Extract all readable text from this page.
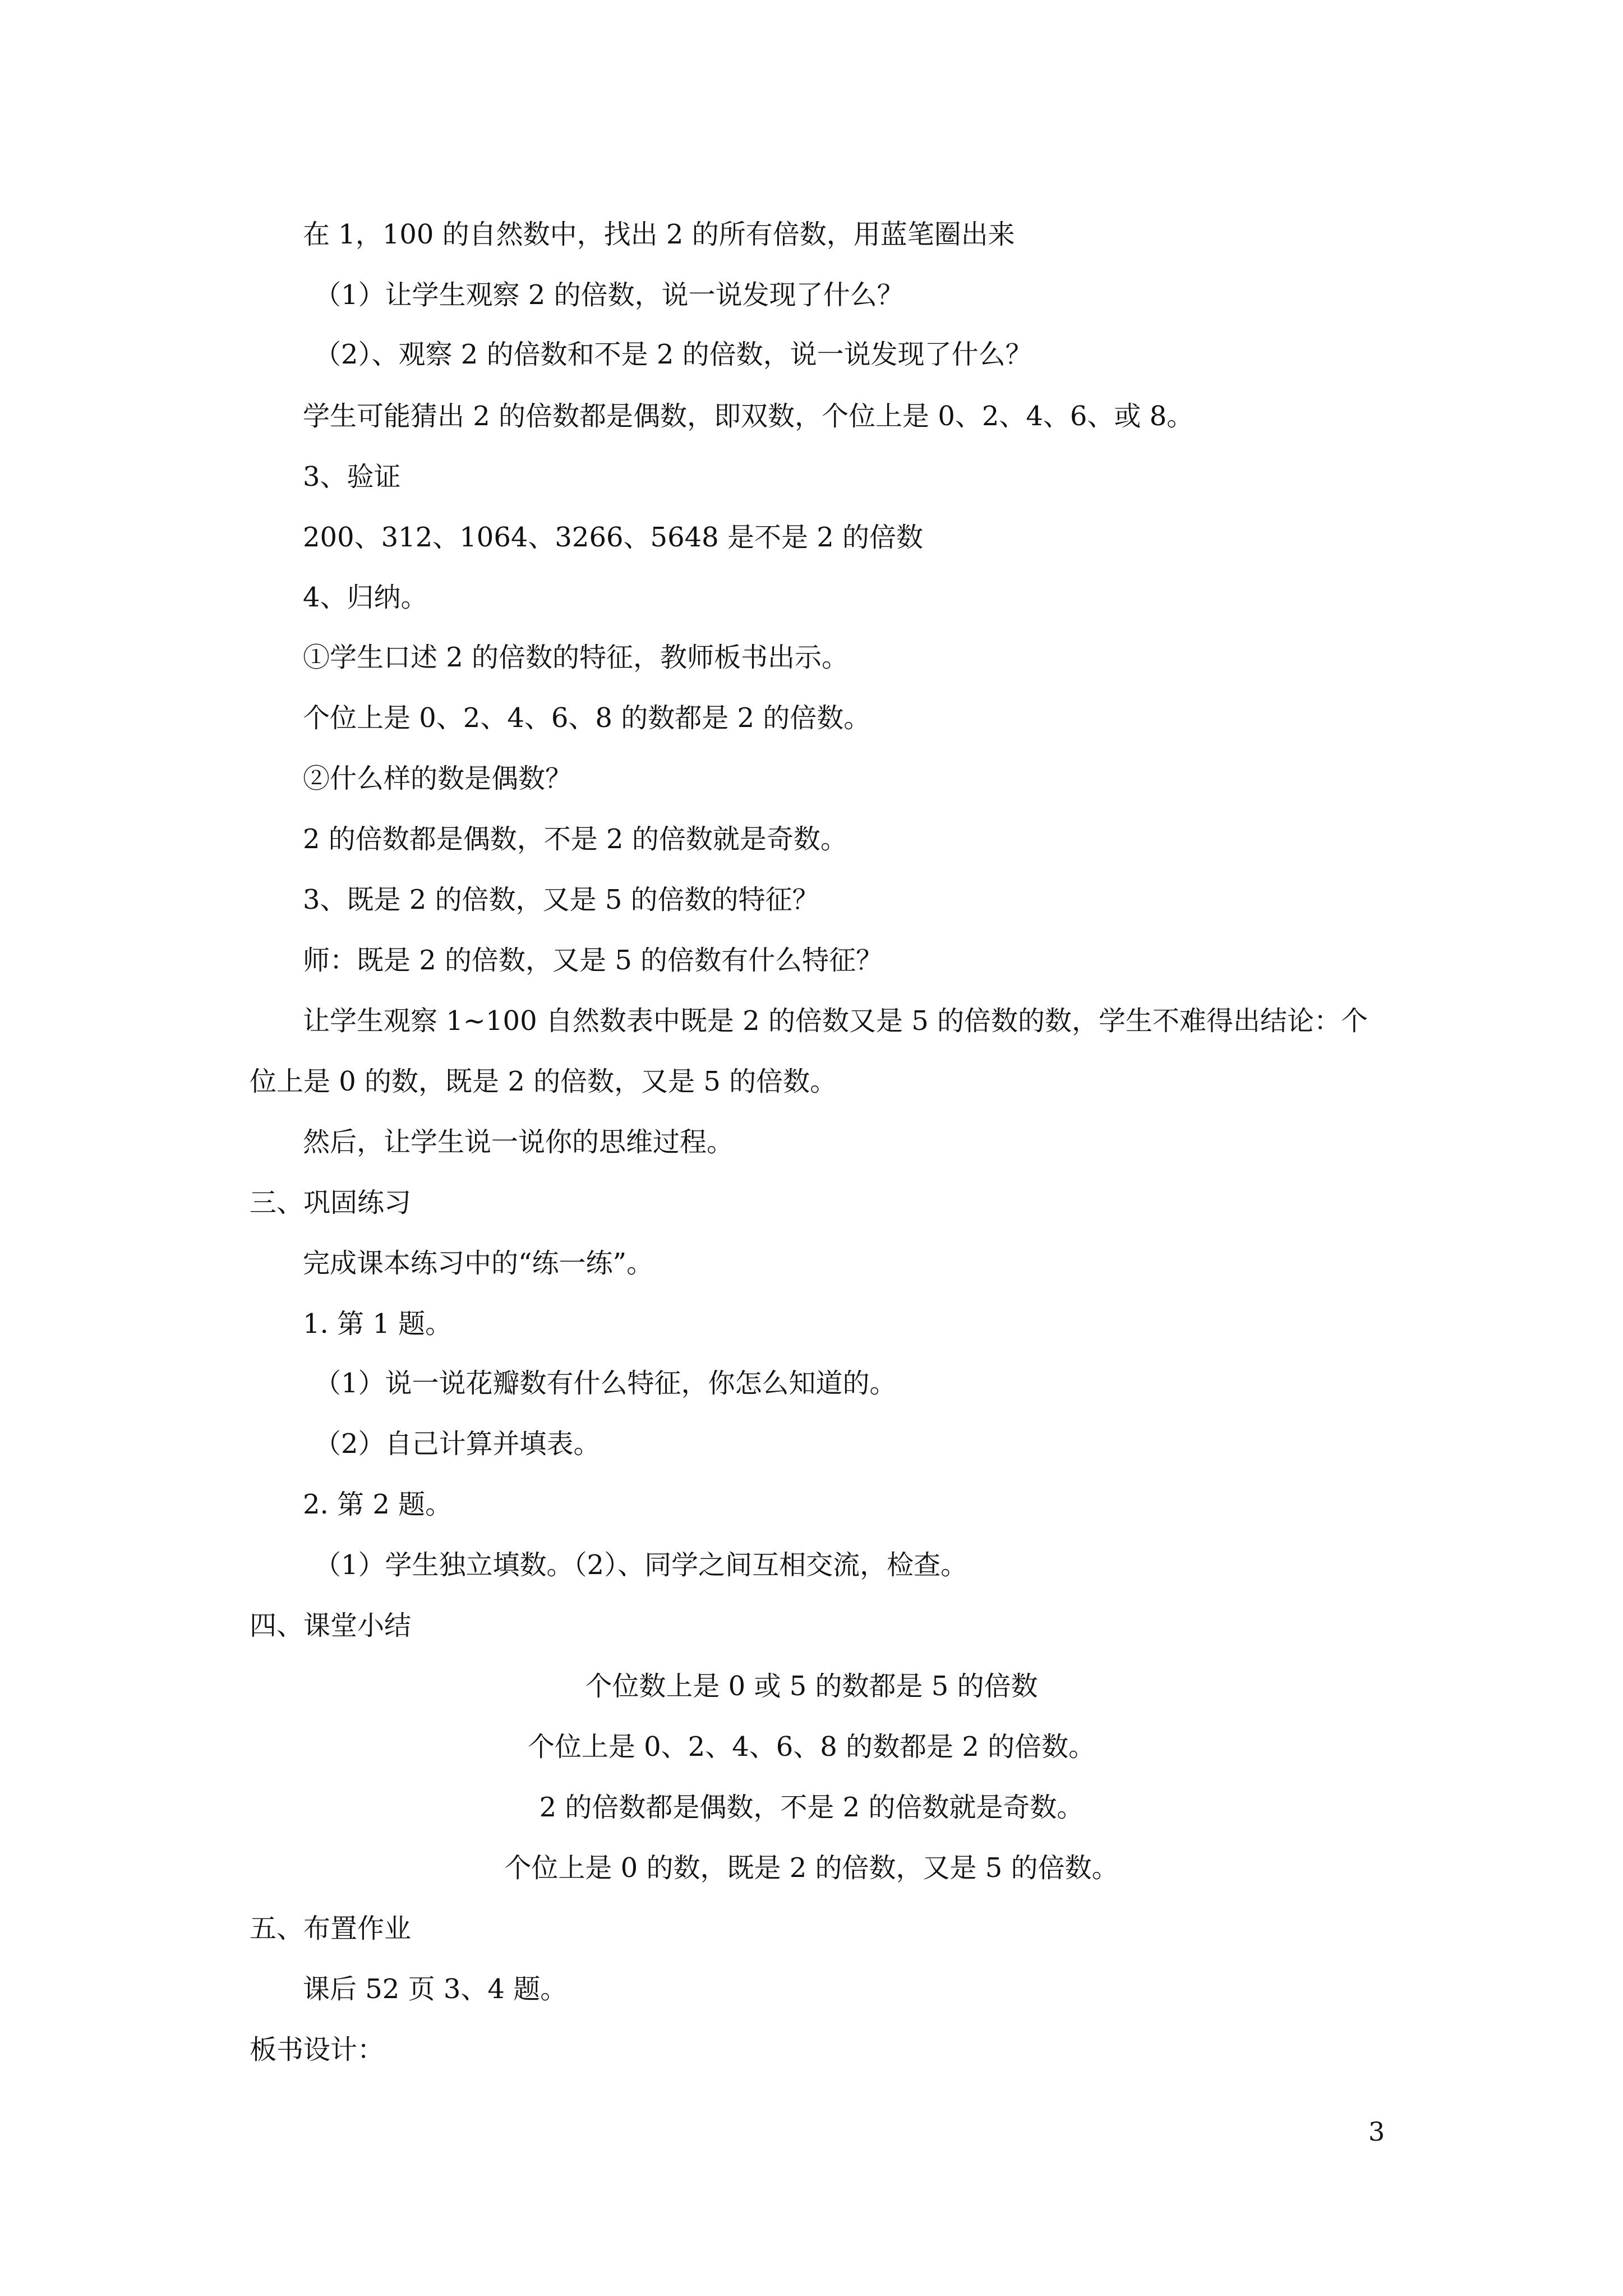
在 1，100 的自然数中，找出 2 的所有倍数，用蓝笔圈出来
（1）让学生观察 2 的倍数，说一说发现了什么？
（2）、观察 2 的倍数和不是 2 的倍数，说一说发现了什么？
学生可能猜出 2 的倍数都是偶数，即双数，个位上是 0、2、4、6、或 8。
3、验证
200、312、1064、3266、5648 是不是 2 的倍数
4、归纳。
①学生口述 2 的倍数的特征，教师板书出示。
个位上是 0、2、4、6、8 的数都是 2 的倍数。
②什么样的数是偶数？
2 的倍数都是偶数，不是 2 的倍数就是奇数。
3、既是 2 的倍数，又是 5 的倍数的特征？
师：既是 2 的倍数，又是 5 的倍数有什么特征？
让学生观察 1~100 自然数表中既是 2 的倍数又是 5 的倍数的数，学生不难得出结论：个
位上是 0 的数，既是 2 的倍数，又是 5 的倍数。
然后，让学生说一说你的思维过程。
三、巩固练习
完成课本练习中的“练一练”。
1. 第 1 题。
（1）说一说花瓣数有什么特征，你怎么知道的。
（2）自己计算并填表。
2. 第 2 题。
（1）学生独立填数。（2）、同学之间互相交流，检查。
四、课堂小结
个位数上是 0 或 5 的数都是 5 的倍数
个位上是 0、2、4、6、8 的数都是 2 的倍数。
2 的倍数都是偶数，不是 2 的倍数就是奇数。
个位上是 0 的数，既是 2 的倍数，又是 5 的倍数。
五、布置作业
课后 52 页 3、4 题。
板书设计：
3
